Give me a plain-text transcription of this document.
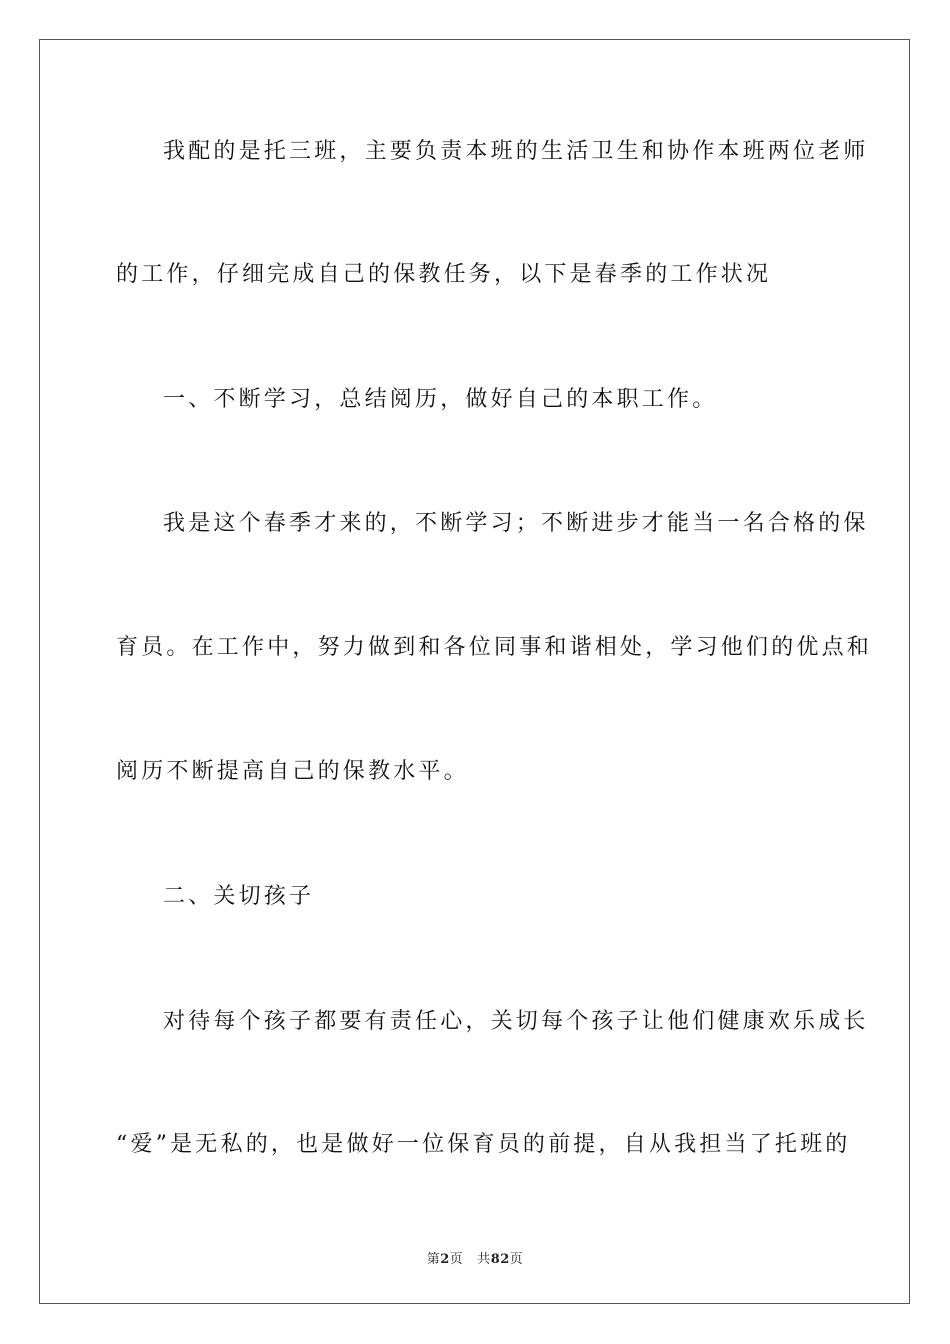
我配的是托三班，主要负责本班的生活卫生和协作本班两位老师
的工作，仔细完成自己的保教任务，以下是春季的工作状况
一、不断学习，总结阅历，做好自己的本职工作。
我是这个春季才来的，不断学习；不断进步才能当一名合格的保
育员。在工作中，努力做到和各位同事和谐相处，学习他们的优点和
阅历不断提高自己的保教水平。
二、关切孩子
对待每个孩子都要有责任心，关切每个孩子让他们健康欢乐成长
“爱”是无私的，也是做好一位保育员的前提，自从我担当了托班的
第2页 共82页
